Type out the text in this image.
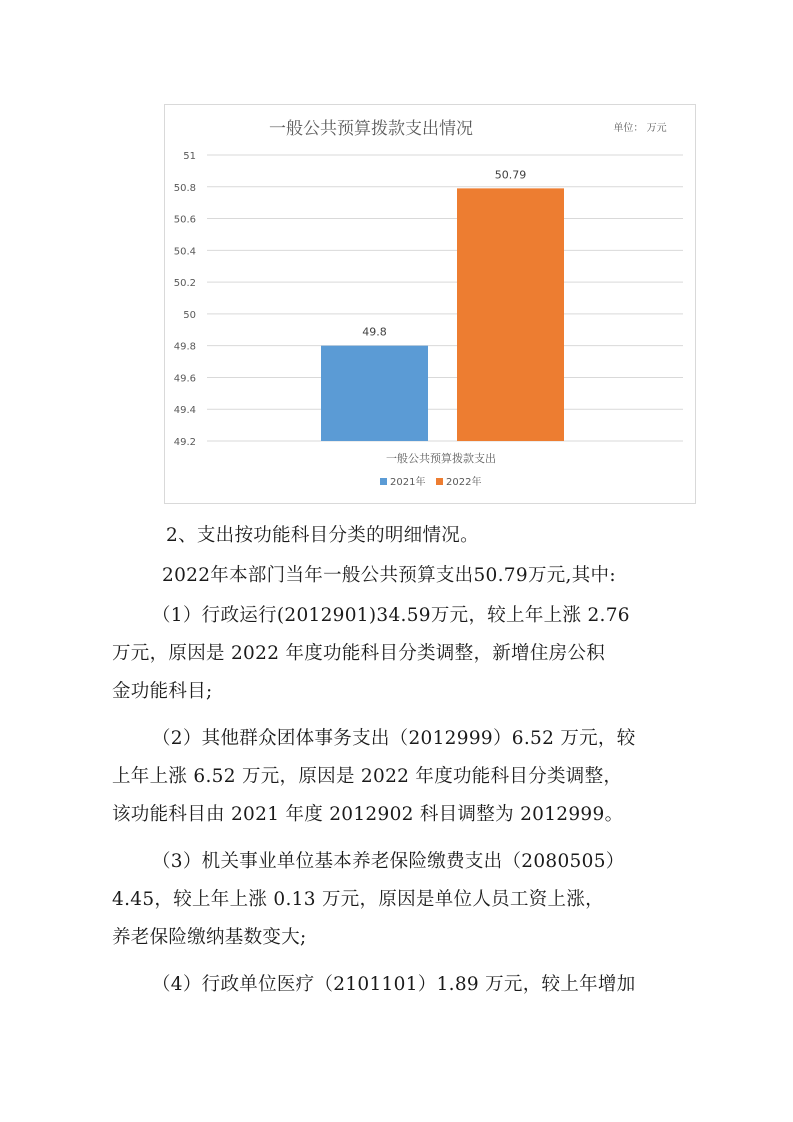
一般公共预算拨款支出情况	单位： 万元
49.2
49.4
49.6
49.8
50
50.2
50.4
50.6
50.8
51
49.8
50.79
一般公共预算拨款支出
2021年 2022年
2、支出按功能科目分类的明细情况。
2022年本部门当年一般公共预算支出50.79万元,其中:
（1）行政运行(2012901)34.59万元，较上年上涨 2.76
万元，原因是 2022 年度功能科目分类调整，新增住房公积
金功能科目;
（2）其他群众团体事务支出（2012999）6.52 万元，较
上年上涨 6.52 万元，原因是 2022 年度功能科目分类调整，
该功能科目由 2021 年度 2012902 科目调整为 2012999。
（3）机关事业单位基本养老保险缴费支出（2080505）
4.45，较上年上涨 0.13 万元，原因是单位人员工资上涨，
养老保险缴纳基数变大;
（4）行政单位医疗（2101101）1.89 万元，较上年增加
